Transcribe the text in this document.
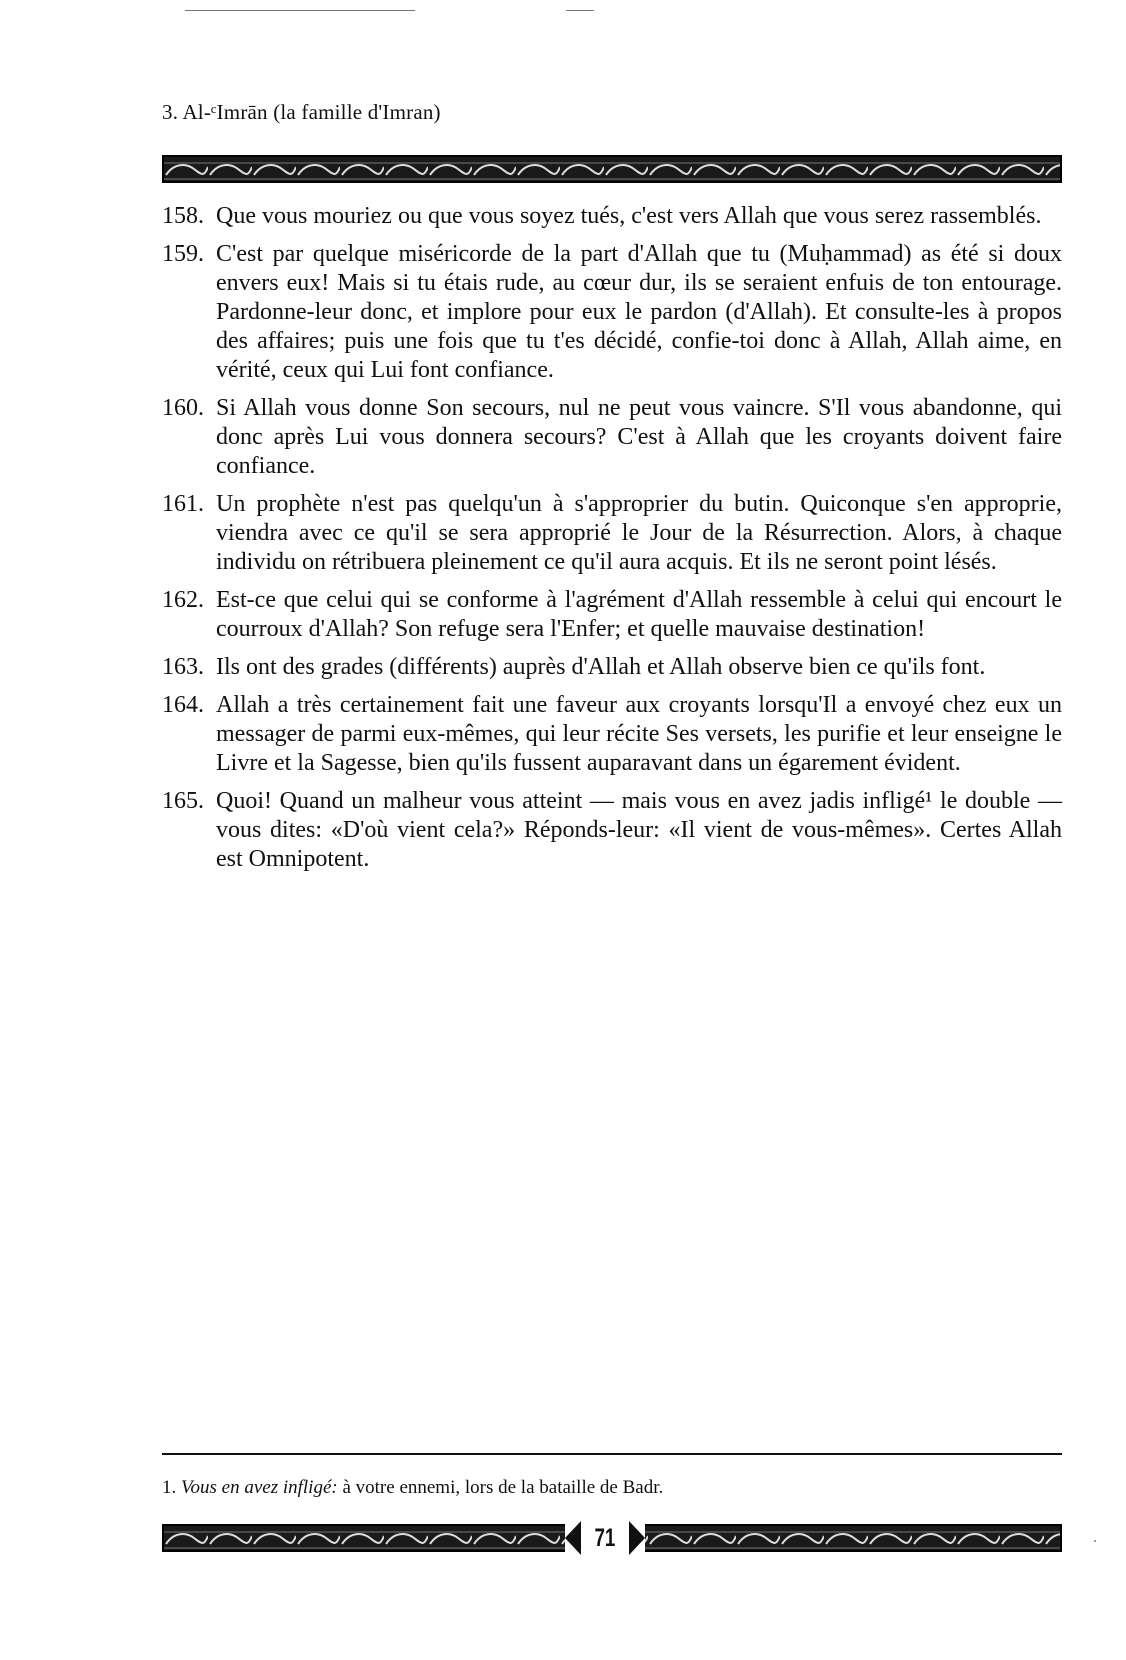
3. Al-ᶜImrān (la famille d'Imran)
158. Que vous mouriez ou que vous soyez tués, c'est vers Allah que vous serez rassemblés.
159. C'est par quelque miséricorde de la part d'Allah que tu (Muḥammad) as été si doux envers eux! Mais si tu étais rude, au cœur dur, ils se seraient enfuis de ton entourage. Pardonne-leur donc, et implore pour eux le pardon (d'Allah). Et consulte-les à propos des affaires; puis une fois que tu t'es décidé, confie-toi donc à Allah, Allah aime, en vérité, ceux qui Lui font confiance.
160. Si Allah vous donne Son secours, nul ne peut vous vaincre. S'Il vous abandonne, qui donc après Lui vous donnera secours? C'est à Allah que les croyants doivent faire confiance.
161. Un prophète n'est pas quelqu'un à s'approprier du butin. Quiconque s'en approprie, viendra avec ce qu'il se sera approprié le Jour de la Résurrection. Alors, à chaque individu on rétribuera pleinement ce qu'il aura acquis. Et ils ne seront point lésés.
162. Est-ce que celui qui se conforme à l'agrément d'Allah ressemble à celui qui encourt le courroux d'Allah? Son refuge sera l'Enfer; et quelle mauvaise destination!
163. Ils ont des grades (différents) auprès d'Allah et Allah observe bien ce qu'ils font.
164. Allah a très certainement fait une faveur aux croyants lorsqu'Il a envoyé chez eux un messager de parmi eux-mêmes, qui leur récite Ses versets, les purifie et leur enseigne le Livre et la Sagesse, bien qu'ils fussent auparavant dans un égarement évident.
165. Quoi! Quand un malheur vous atteint — mais vous en avez jadis infligé¹ le double — vous dites: «D'où vient cela?» Réponds-leur: «Il vient de vous-mêmes». Certes Allah est Omnipotent.
1. Vous en avez infligé: à votre ennemi, lors de la bataille de Badr.
71
